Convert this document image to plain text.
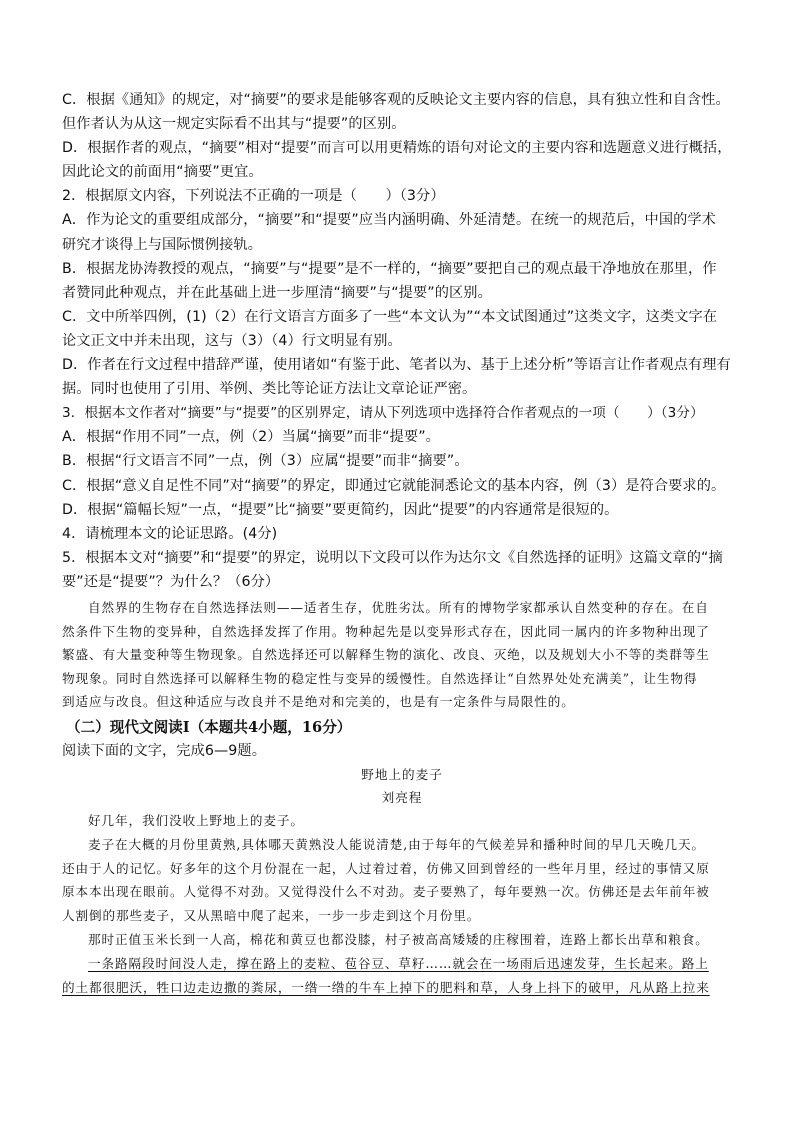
C．根据《通知》的规定，对“摘要”的要求是能够客观的反映论文主要内容的信息，具有独立性和自含性。

但作者认为从这一规定实际看不出其与“提要”的区别。

D．根据作者的观点，“摘要”相对“提要”而言可以用更精炼的语句对论文的主要内容和选题意义进行概括，

因此论文的前面用“摘要”更宜。

2．根据原文内容，下列说法不正确的一项是（　　）（3分）

A．作为论文的重要组成部分，“摘要”和“提要”应当内涵明确、外延清楚。在统一的规范后，中国的学术

研究才谈得上与国际惯例接轨。

B．根据龙协涛教授的观点，“摘要”与“提要”是不一样的，“摘要”要把自己的观点最干净地放在那里，作

者赞同此种观点，并在此基础上进一步厘清“摘要”与“提要”的区别。

C．文中所举四例，(1)（2）在行文语言方面多了一些“本文认为”“本文试图通过”这类文字，这类文字在

论文正文中并未出现，这与（3）（4）行文明显有别。

D．作者在行文过程中措辞严谨，使用诸如“有鉴于此、笔者以为、基于上述分析”等语言让作者观点有理有

据。同时也使用了引用、举例、类比等论证方法让文章论证严密。

3．根据本文作者对“摘要”与“提要”的区别界定，请从下列选项中选择符合作者观点的一项（　　）（3分）

A．根据“作用不同”一点，例（2）当属“摘要”而非“提要”。

B．根据“行文语言不同”一点，例（3）应属“提要”而非“摘要”。

C．根据“意义自足性不同”对“摘要”的界定，即通过它就能洞悉论文的基本内容，例（3）是符合要求的。

D．根据“篇幅长短”一点，“提要”比“摘要”要更简约，因此“提要”的内容通常是很短的。

4．请梳理本文的论证思路。(4分)

5．根据本文对“摘要”和“提要”的界定，说明以下文段可以作为达尔文《自然选择的证明》这篇文章的“摘

要”还是“提要”？为什么？（6分）

自然界的生物存在自然选择法则——适者生存，优胜劣汰。所有的博物学家都承认自然变种的存在。在自

然条件下生物的变异种，自然选择发挥了作用。物种起先是以变异形式存在，因此同一属内的许多物种出现了

繁盛、有大量变种等生物现象。自然选择还可以解释生物的演化、改良、灭绝，以及规划大小不等的类群等生

物现象。同时自然选择可以解释生物的稳定性与变异的缓慢性。自然选择让“自然界处处充满美”，让生物得

到适应与改良。但这种适应与改良并不是绝对和完美的，也是有一定条件与局限性的。

（二）现代文阅读Ⅰ（本题共4小题，16分）

阅读下面的文字，完成6—9题。

野地上的麦子

刘亮程

好几年，我们没收上野地上的麦子。

麦子在大概的月份里黄熟,具体哪天黄熟没人能说清楚,由于每年的气候差异和播种时间的早几天晚几天。

还由于人的记忆。好多年的这个月份混在一起，人过着过着，仿佛又回到曾经的一些年月里，经过的事情又原

原本本出现在眼前。人觉得不对劲。又觉得没什么不对劲。麦子要熟了，每年要熟一次。仿佛还是去年前年被

人割倒的那些麦子，又从黑暗中爬了起来，一步一步走到这个月份里。

那时正值玉米长到一人高，棉花和黄豆也都没膝，村子被高高矮矮的庄稼围着，连路上都长出草和粮食。

一条路隔段时间没人走，撑在路上的麦粒、苞谷豆、草籽……就会在一场雨后迅速发芽，生长起来。路上

的土都很肥沃，牲口边走边撒的粪尿，一绺一绺的牛车上掉下的肥料和草，人身上抖下的破甲，凡从路上拉来
